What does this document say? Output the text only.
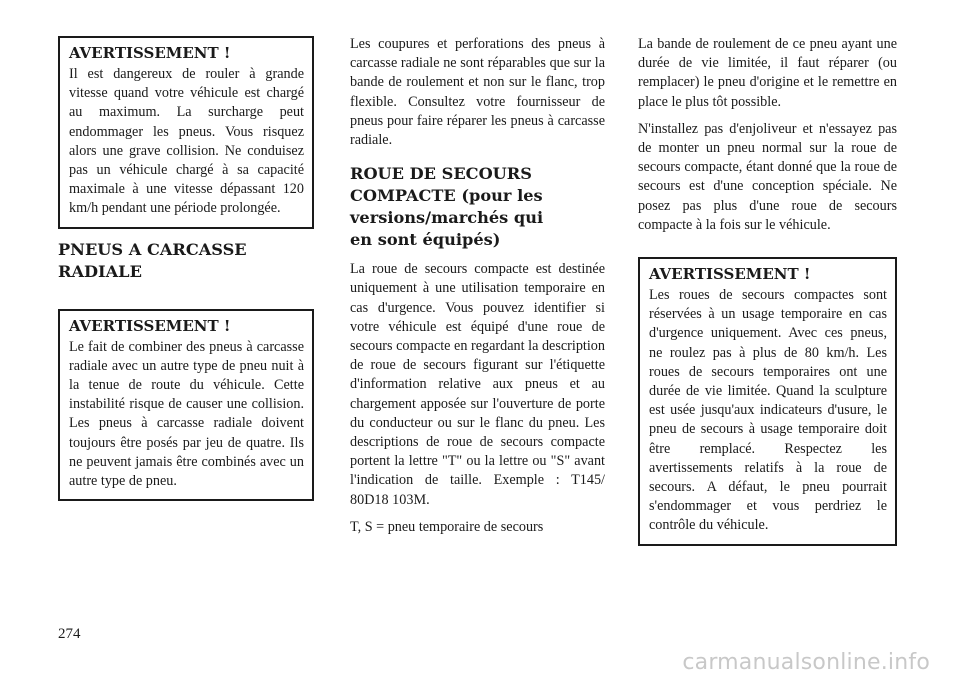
AVERTISSEMENT !

Il est dangereux de rouler à grande vitesse quand votre véhicule est chargé au maximum. La surcharge peut endommager les pneus. Vous risquez alors une grave collision. Ne conduisez pas un véhicule chargé à sa capacité maximale à une vitesse dépassant 120 km/h pendant une période prolongée.

PNEUS A CARCASSE RADIALE

AVERTISSEMENT !

Le fait de combiner des pneus à carcasse radiale avec un autre type de pneu nuit à la tenue de route du véhicule. Cette instabilité risque de causer une collision. Les pneus à carcasse radiale doivent toujours être posés par jeu de quatre. Ils ne peuvent jamais être combinés avec un autre type de pneu.

Les coupures et perforations des pneus à carcasse radiale ne sont réparables que sur la bande de roulement et non sur le flanc, trop flexible. Consultez votre fournisseur de pneus pour faire réparer les pneus à carcasse radiale.

ROUE DE SECOURS COMPACTE (pour les versions/marchés qui en sont équipés)

La roue de secours compacte est destinée uniquement à une utilisation temporaire en cas d'urgence. Vous pouvez identifier si votre véhicule est équipé d'une roue de secours compacte en regardant la description de roue de secours figurant sur l'étiquette d'information relative aux pneus et au chargement apposée sur l'ouverture de porte du conducteur ou sur le flanc du pneu. Les descriptions de roue de secours compacte portent la lettre "T" ou la lettre ou "S" avant l'indication de taille. Exemple : T145/ 80D18 103M.

T, S = pneu temporaire de secours

La bande de roulement de ce pneu ayant une durée de vie limitée, il faut réparer (ou remplacer) le pneu d'origine et le remettre en place le plus tôt possible.

N'installez pas d'enjoliveur et n'essayez pas de monter un pneu normal sur la roue de secours compacte, étant donné que la roue de secours est d'une conception spéciale. Ne posez pas plus d'une roue de secours compacte à la fois sur le véhicule.

AVERTISSEMENT !

Les roues de secours compactes sont réservées à un usage temporaire en cas d'urgence uniquement. Avec ces pneus, ne roulez pas à plus de 80 km/h. Les roues de secours temporaires ont une durée de vie limitée. Quand la sculpture est usée jusqu'aux indicateurs d'usure, le pneu de secours à usage temporaire doit être remplacé. Respectez les avertissements relatifs à la roue de secours. A défaut, le pneu pourrait s'endommager et vous perdriez le contrôle du véhicule.

274
carmanualsonline.info
